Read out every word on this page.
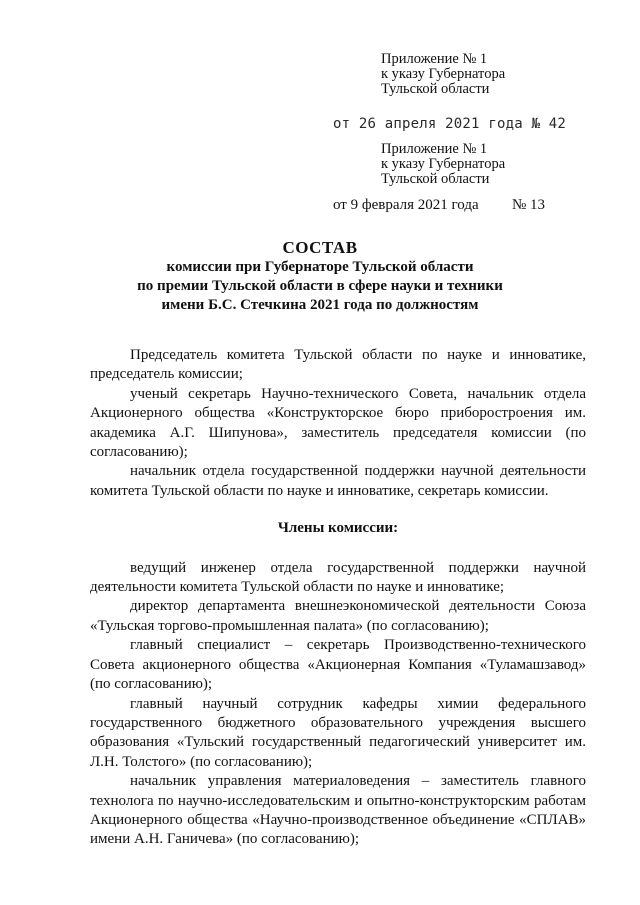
Приложение № 1
к указу Губернатора
Тульской области
от 26 апреля 2021 года № 42
Приложение № 1
к указу Губернатора
Тульской области
от 9 февраля 2021 года № 13
СОСТАВ
комиссии при Губернаторе Тульской области
по премии Тульской области в сфере науки и техники
имени Б.С. Стечкина 2021 года по должностям

Председатель комитета Тульской области по науке и инноватике, председатель комиссии;

ученый секретарь Научно-технического Совета, начальник отдела Акционерного общества «Конструкторское бюро приборостроения им. академика А.Г. Шипунова», заместитель председателя комиссии (по согласованию);

начальник отдела государственной поддержки научной деятельности комитета Тульской области по науке и инноватике, секретарь комиссии.

Члены комиссии:

ведущий инженер отдела государственной поддержки научной деятельности комитета Тульской области по науке и инноватике;

директор департамента внешнеэкономической деятельности Союза «Тульская торгово-промышленная палата» (по согласованию);

главный специалист – секретарь Производственно-технического Совета акционерного общества «Акционерная Компания «Туламашзавод» (по согласованию);

главный научный сотрудник кафедры химии федерального государственного бюджетного образовательного учреждения высшего образования «Тульский государственный педагогический университет им. Л.Н. Толстого» (по согласованию);

начальник управления материаловедения – заместитель главного технолога по научно-исследовательским и опытно-конструкторским работам Акционерного общества «Научно-производственное объединение «СПЛАВ» имени А.Н. Ганичева» (по согласованию);
